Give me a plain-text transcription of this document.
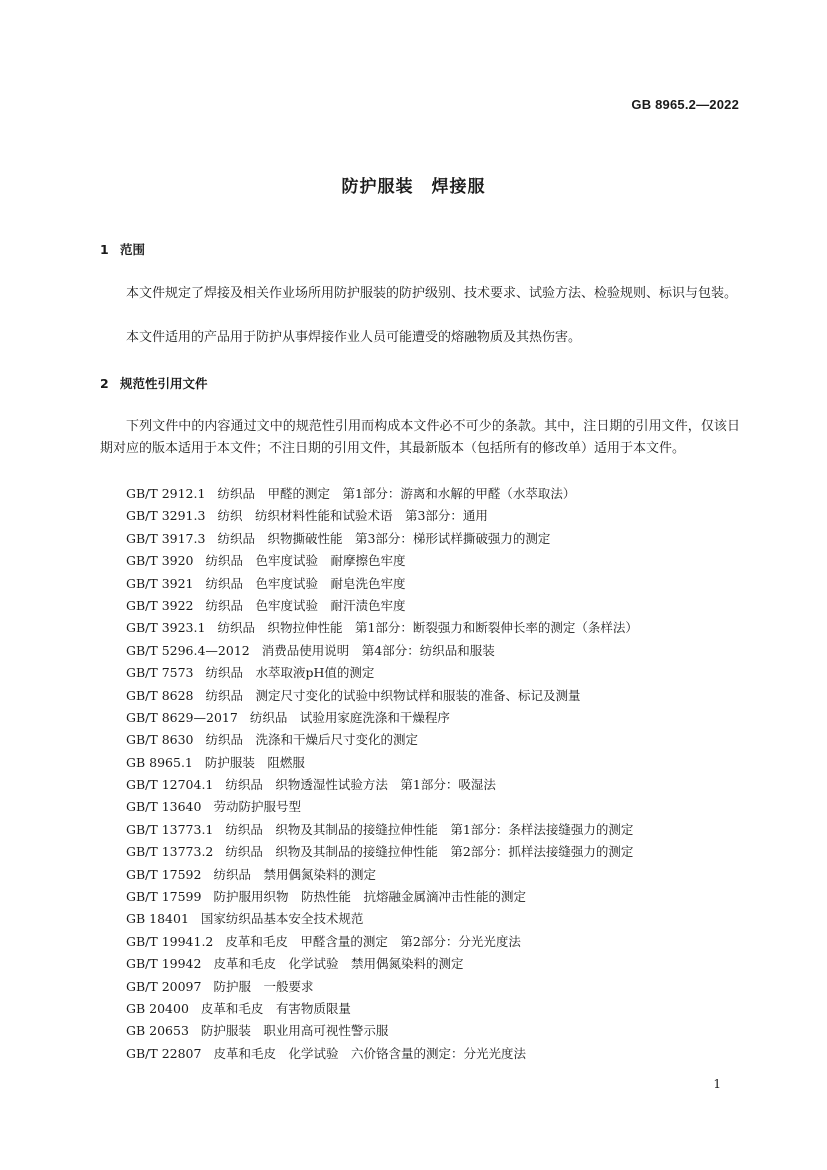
GB 8965.2—2022
防护服装　焊接服
1 范围
本文件规定了焊接及相关作业场所用防护服装的防护级别、技术要求、试验方法、检验规则、标识与包装。
本文件适用的产品用于防护从事焊接作业人员可能遭受的熔融物质及其热伤害。
2 规范性引用文件
下列文件中的内容通过文中的规范性引用而构成本文件必不可少的条款。其中，注日期的引用文件，仅该日期对应的版本适用于本文件；不注日期的引用文件，其最新版本（包括所有的修改单）适用于本文件。
GB/T 2912.1 纺织品　甲醛的测定　第1部分：游离和水解的甲醛（水萃取法）
GB/T 3291.3 纺织　纺织材料性能和试验术语　第3部分：通用
GB/T 3917.3 纺织品　织物撕破性能　第3部分：梯形试样撕破强力的测定
GB/T 3920 纺织品　色牢度试验　耐摩擦色牢度
GB/T 3921 纺织品　色牢度试验　耐皂洗色牢度
GB/T 3922 纺织品　色牢度试验　耐汗渍色牢度
GB/T 3923.1 纺织品　织物拉伸性能　第1部分：断裂强力和断裂伸长率的测定（条样法）
GB/T 5296.4—2012 消费品使用说明　第4部分：纺织品和服装
GB/T 7573 纺织品　水萃取液pH值的测定
GB/T 8628 纺织品　测定尺寸变化的试验中织物试样和服装的准备、标记及测量
GB/T 8629—2017 纺织品　试验用家庭洗涤和干燥程序
GB/T 8630 纺织品　洗涤和干燥后尺寸变化的测定
GB 8965.1 防护服装　阻燃服
GB/T 12704.1 纺织品　织物透湿性试验方法　第1部分：吸湿法
GB/T 13640 劳动防护服号型
GB/T 13773.1 纺织品　织物及其制品的接缝拉伸性能　第1部分：条样法接缝强力的测定
GB/T 13773.2 纺织品　织物及其制品的接缝拉伸性能　第2部分：抓样法接缝强力的测定
GB/T 17592 纺织品　禁用偶氮染料的测定
GB/T 17599 防护服用织物　防热性能　抗熔融金属滴冲击性能的测定
GB 18401 国家纺织品基本安全技术规范
GB/T 19941.2 皮革和毛皮　甲醛含量的测定　第2部分：分光光度法
GB/T 19942 皮革和毛皮　化学试验　禁用偶氮染料的测定
GB/T 20097 防护服　一般要求
GB 20400 皮革和毛皮　有害物质限量
GB 20653 防护服装　职业用高可视性警示服
GB/T 22807 皮革和毛皮　化学试验　六价铬含量的测定：分光光度法
1
